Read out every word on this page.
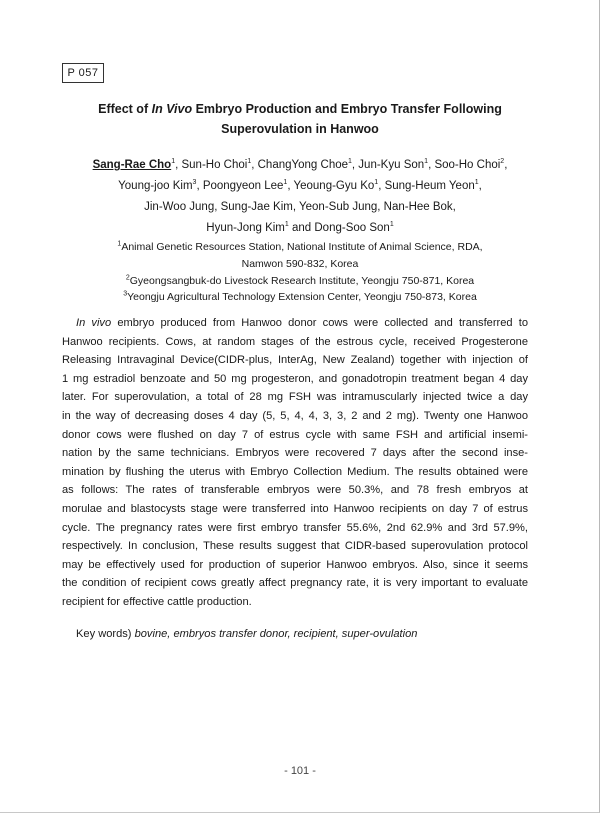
P 057
Effect of In Vivo Embryo Production and Embryo Transfer Following
Superovulation in Hanwoo
Sang-Rae Cho$^1$, Sun-Ho Choi$^1$, ChangYong Choe$^1$, Jun-Kyu Son$^1$, Soo-Ho Choi$^2$,
Young-joo Kim$^3$, Poongyeon Lee$^1$, Yeoung-Gyu Ko$^1$, Sung-Heum Yeon$^1$,
Jin-Woo Jung, Sung-Jae Kim, Yeon-Sub Jung, Nan-Hee Bok,
Hyun-Jong Kim$^1$ and Dong-Soo Son$^1$
$^1$Animal Genetic Resources Station, National Institute of Animal Science, RDA,
Namwon 590-832, Korea
$^2$Gyeongsangbuk-do Livestock Research Institute, Yeongju 750-871, Korea
$^3$Yeongju Agricultural Technology Extension Center, Yeongju 750-873, Korea
In vivo embryo produced from Hanwoo donor cows were collected and transferred to
Hanwoo recipients. Cows, at random stages of the estrous cycle, received Progesterone
Releasing Intravaginal Device(CIDR-plus, InterAg, New Zealand) together with injection of
1 mg estradiol benzoate and 50 mg progesteron, and gonadotropin treatment began 4 day
later. For superovulation, a total of 28 mg FSH was intramuscularly injected twice a day
in the way of decreasing doses 4 day (5, 5, 4, 4, 3, 3, 2 and 2 mg). Twenty one Hanwoo
donor cows were flushed on day 7 of estrus cycle with same FSH and artificial insemi-
nation by the same technicians. Embryos were recovered 7 days after the second inse-
mination by flushing the uterus with Embryo Collection Medium. The results obtained were
as follows: The rates of transferable embryos were 50.3%, and 78 fresh embryos at
morulae and blastocysts stage were transferred into Hanwoo recipients on day 7 of estrus
cycle. The pregnancy rates were first embryo transfer 55.6%, 2nd 62.9% and 3rd 57.9%,
respectively. In conclusion, These results suggest that CIDR-based superovulation protocol
may be effectively used for production of superior Hanwoo embryos. Also, since it seems
the condition of recipient cows greatly affect pregnancy rate, it is very important to evaluate
recipient for effective cattle production.
Key words) bovine, embryos transfer donor, recipient, super-ovulation
- 101 -
